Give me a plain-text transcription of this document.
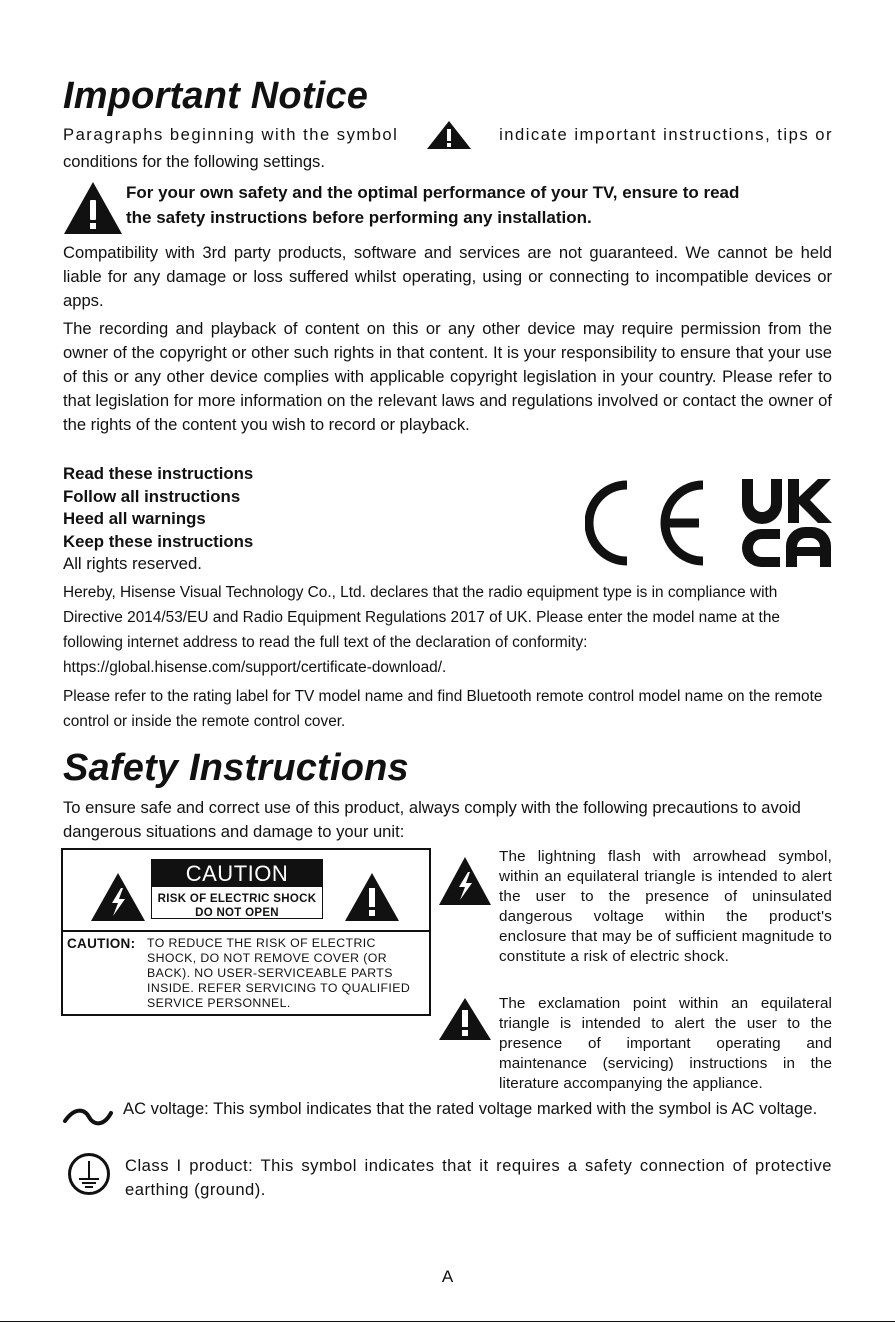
Important Notice
Paragraphs beginning with the symbol	indicate important instructions, tips or
conditions for the following settings.
For your own safety and the optimal performance of your TV, ensure to read
the safety instructions before performing any installation.

Compatibility with 3rd party products, software and services are not guaranteed. We cannot be held liable for any damage or loss suffered whilst operating, using or connecting to incompatible devices or apps.

The recording and playback of content on this or any other device may require permission from the owner of the copyright or other such rights in that content. It is your responsibility to ensure that your use of this or any other device complies with applicable copyright legislation in your country. Please refer to that legislation for more information on the relevant laws and regulations involved or contact the owner of the rights of the content you wish to record or playback.

Read these instructions
Follow all instructions
Heed all warnings
Keep these instructions
All rights reserved.

Hereby, Hisense Visual Technology Co., Ltd. declares that the radio equipment type is in compliance with Directive 2014/53/EU and Radio Equipment Regulations 2017 of UK. Please enter the model name at the following internet address to read the full text of the declaration of conformity: https://global.hisense.com/support/certificate-download/.

Please refer to the rating label for TV model name and find Bluetooth remote control model name on the remote control or inside the remote control cover.

Safety Instructions

To ensure safe and correct use of this product, always comply with the following precautions to avoid dangerous situations and damage to your unit:

CAUTION
RISK OF ELECTRIC SHOCK
DO NOT OPEN
CAUTION: TO REDUCE THE RISK OF ELECTRIC

SHOCK, DO NOT REMOVE COVER (OR

BACK). NO USER-SERVICEABLE PARTS

INSIDE. REFER SERVICING TO QUALIFIED

SERVICE PERSONNEL.

The lightning flash with arrowhead symbol, within an equilateral triangle is intended to alert the user to the presence of uninsulated dangerous voltage within the product's enclosure that may be of sufficient magnitude to constitute a risk of electric shock.

The exclamation point within an equilateral triangle is intended to alert the user to the presence of important operating and maintenance (servicing) instructions in the literature accompanying the appliance.

AC voltage: This symbol indicates that the rated voltage marked with the symbol is AC voltage.

Class I product: This symbol indicates that it requires a safety connection of protective earthing (ground).

A
